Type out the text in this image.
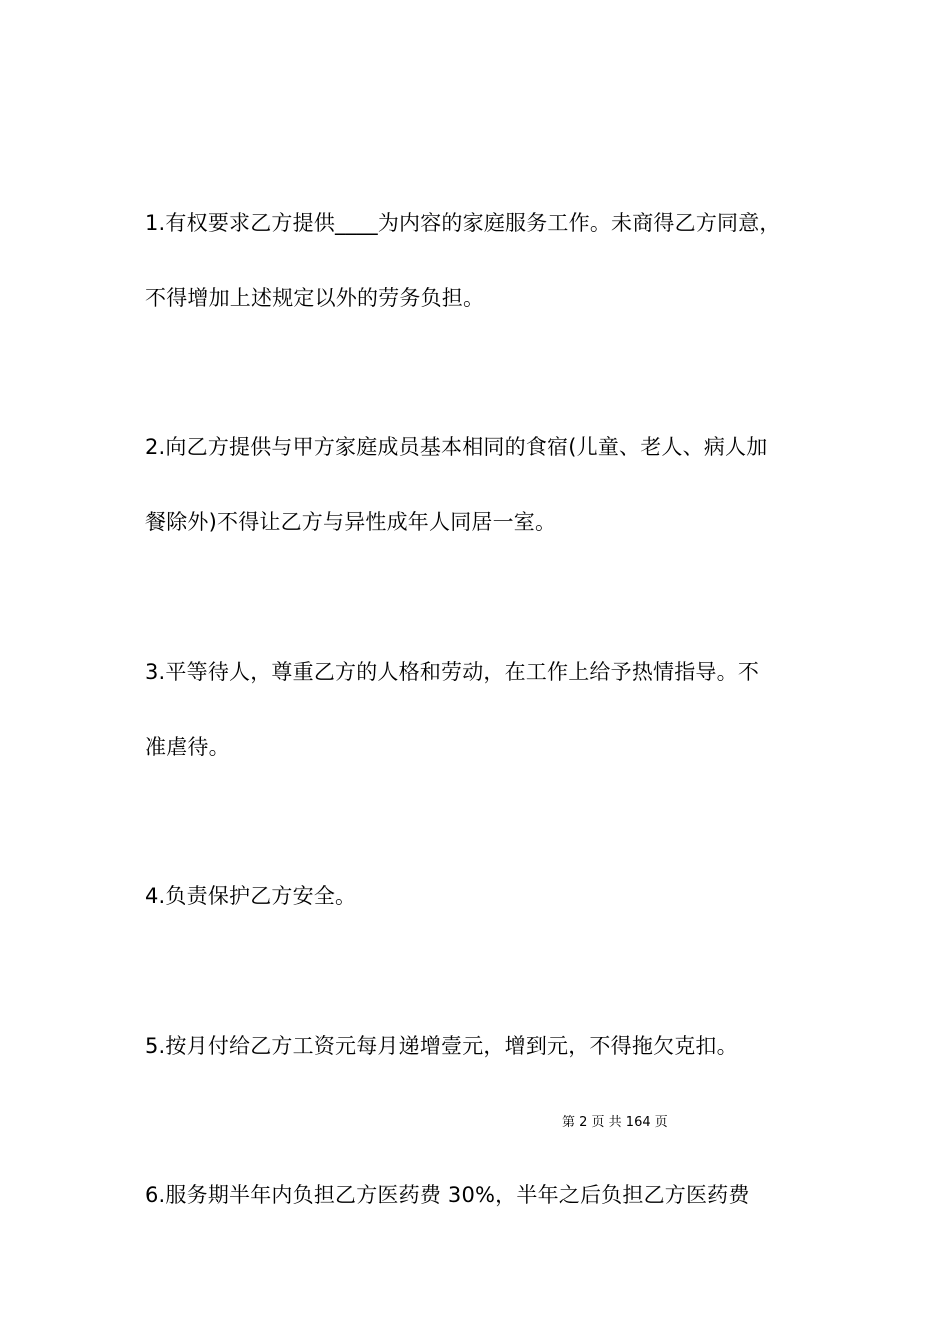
1.有权要求乙方提供____为内容的家庭服务工作。未商得乙方同意，
不得增加上述规定以外的劳务负担。
2.向乙方提供与甲方家庭成员基本相同的食宿(儿童、老人、病人加
餐除外)不得让乙方与异性成年人同居一室。
3.平等待人，尊重乙方的人格和劳动，在工作上给予热情指导。不
准虐待。
4.负责保护乙方安全。
5.按月付给乙方工资元每月递增壹元，增到元，不得拖欠克扣。
第 2 页 共 164 页
6.服务期半年内负担乙方医药费 30%，半年之后负担乙方医药费
